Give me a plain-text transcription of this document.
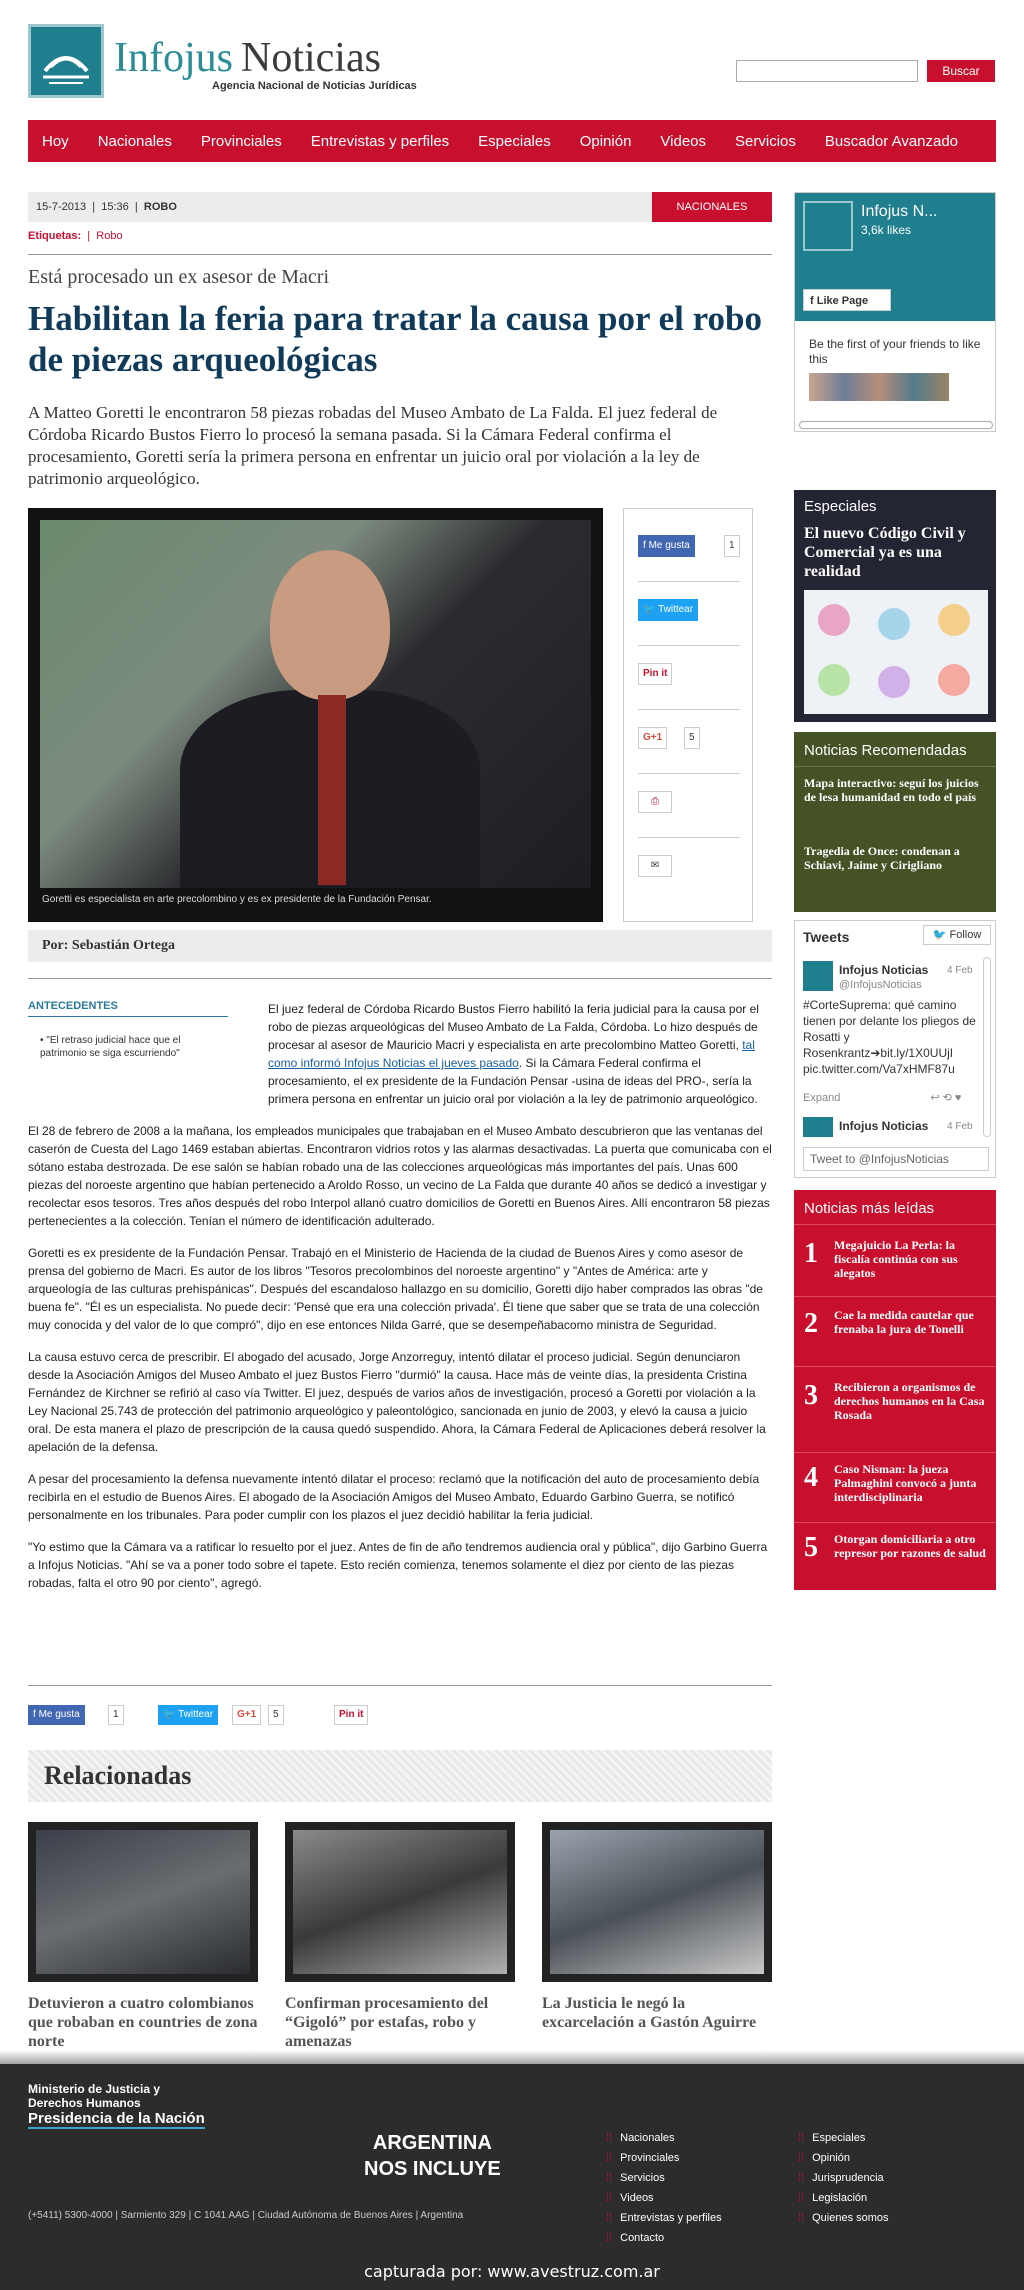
Infojus Noticias
Agencia Nacional de Noticias Jurídicas
Buscar
Hoy Nacionales Provinciales Entrevistas y perfiles Especiales Opinión Videos Servicios Buscador Avanzado
15-7-2013  |  15:36  |  ROBO	NACIONALES
Etiquetas:  |  Robo
Está procesado un ex asesor de Macri
Habilitan la feria para tratar la causa por el robo de piezas arqueológicas
A Matteo Goretti le encontraron 58 piezas robadas del Museo Ambato de La Falda. El juez federal de Córdoba Ricardo Bustos Fierro lo procesó la semana pasada. Si la Cámara Federal confirma el procesamiento, Goretti sería la primera persona en enfrentar un juicio oral por violación a la ley de patrimonio arqueológico.
Goretti es especialista en arte precolombino y es ex presidente de la Fundación Pensar.
f Me gusta	1
🐦 Twittear
Pin it
G+1	5
⎙
✉
Por: Sebastián Ortega
ANTECEDENTES
• "El retraso judicial hace que el patrimonio se siga escurriendo"

El juez federal de Córdoba Ricardo Bustos Fierro habilitó la feria judicial para la causa por el robo de piezas arqueológicas del Museo Ambato de La Falda, Córdoba. Lo hizo después de procesar al asesor de Mauricio Macri y especialista en arte precolombino Matteo Goretti, tal como informó Infojus Noticias el jueves pasado. Si la Cámara Federal confirma el procesamiento, el ex presidente de la Fundación Pensar -usina de ideas del PRO-, sería la primera persona en enfrentar un juicio oral por violación a la ley de patrimonio arqueológico.

El 28 de febrero de 2008 a la mañana, los empleados municipales que trabajaban en el Museo Ambato descubrieron que las ventanas del caserón de Cuesta del Lago 1469 estaban abiertas. Encontraron vidrios rotos y las alarmas desactivadas. La puerta que comunicaba con el sótano estaba destrozada. De ese salón se habían robado una de las colecciones arqueológicas más importantes del país. Unas 600 piezas del noroeste argentino que habían pertenecido a Aroldo Rosso, un vecino de La Falda que durante 40 años se dedicó a investigar y recolectar esos tesoros. Tres años después del robo Interpol allanó cuatro domicilios de Goretti en Buenos Aires. Allí encontraron 58 piezas pertenecientes a la colección. Tenían el número de identificación adulterado.

Goretti es ex presidente de la Fundación Pensar. Trabajó en el Ministerio de Hacienda de la ciudad de Buenos Aires y como asesor de prensa del gobierno de Macri. Es autor de los libros "Tesoros precolombinos del noroeste argentino" y "Antes de América: arte y arqueología de las culturas prehispánicas". Después del escandaloso hallazgo en su domicilio, Goretti dijo haber comprados las obras "de buena fe". "Él es un especialista. No puede decir: 'Pensé que era una colección privada'. Él tiene que saber que se trata de una colección muy conocida y del valor de lo que compró", dijo en ese entonces Nilda Garré, que se desempeñabacomo ministra de Seguridad.

La causa estuvo cerca de prescribir. El abogado del acusado, Jorge Anzorreguy, intentó dilatar el proceso judicial. Según denunciaron desde la Asociación Amigos del Museo Ambato el juez Bustos Fierro "durmió" la causa. Hace más de veinte días, la presidenta Cristina Fernández de Kirchner se refirió al caso vía Twitter. El juez, después de varios años de investigación, procesó a Goretti por violación a la Ley Nacional 25.743 de protección del patrimonio arqueológico y paleontológico, sancionada en junio de 2003, y elevó la causa a juicio oral. De esta manera el plazo de prescripción de la causa quedó suspendido. Ahora, la Cámara Federal de Aplicaciones deberá resolver la apelación de la defensa.

A pesar del procesamiento la defensa nuevamente intentó dilatar el proceso: reclamó que la notificación del auto de procesamiento debía recibirla en el estudio de Buenos Aires. El abogado de la Asociación Amigos del Museo Ambato, Eduardo Garbino Guerra, se notificó personalmente en los tribunales. Para poder cumplir con los plazos el juez decidió habilitar la feria judicial.

"Yo estimo que la Cámara va a ratificar lo resuelto por el juez. Antes de fin de año tendremos audiencia oral y pública", dijo Garbino Guerra a Infojus Noticias. "Ahí se va a poner todo sobre el tapete. Esto recién comienza, tenemos solamente el diez por ciento de las piezas robadas, falta el otro 90 por ciento", agregó.

f Me gusta	1	🐦 Twittear	G+1	5	Pin it
Relacionadas
Detuvieron a cuatro colombianos que robaban en countries de zona norte
Confirman procesamiento del “Gigoló” por estafas, robo y amenazas
La Justicia le negó la excarcelación a Gastón Aguirre
Infojus N...
3,6k likes
f Like Page
Be the first of your friends to like this
Especiales
El nuevo Código Civil y Comercial ya es una realidad
Noticias Recomendadas
Mapa interactivo: seguí los juicios de lesa humanidad en todo el país
Tragedia de Once: condenan a Schiavi, Jaime y Cirigliano
Tweets	🐦 Follow
Infojus Noticias 4 Feb
@InfojusNoticias
#CorteSuprema: qué camino tienen por delante los pliegos de Rosatti y Rosenkrantz➔bit.ly/1X0UUjI pic.twitter.com/Va7xHMF87u
Expand	↩ ⟲ ♥
Infojus Noticias 4 Feb
Tweet to @InfojusNoticias
Noticias más leídas
1 Megajuicio La Perla: la fiscalía continúa con sus alegatos
2 Cae la medida cautelar que frenaba la jura de Tonelli
3 Recibieron a organismos de derechos humanos en la Casa Rosada
4 Caso Nisman: la jueza Palmaghini convocó a junta interdisciplinaria
5 Otorgan domiciliaria a otro represor por razones de salud
Ministerio de Justicia y Derechos Humanos
Presidencia de la Nación
ARGENTINA
NOS INCLUYE
(+5411) 5300-4000 | Sarmiento 329 | C 1041 AAG | Ciudad Autónoma de Buenos Aires | Argentina
⁞⁞ Nacionales
⁞⁞ Provinciales
⁞⁞ Servicios
⁞⁞ Videos
⁞⁞ Entrevistas y perfiles
⁞⁞ Contacto
⁞⁞ Especiales
⁞⁞ Opinión
⁞⁞ Jurisprudencia
⁞⁞ Legislación
⁞⁞ Quienes somos
capturada por: www.avestruz.com.ar
